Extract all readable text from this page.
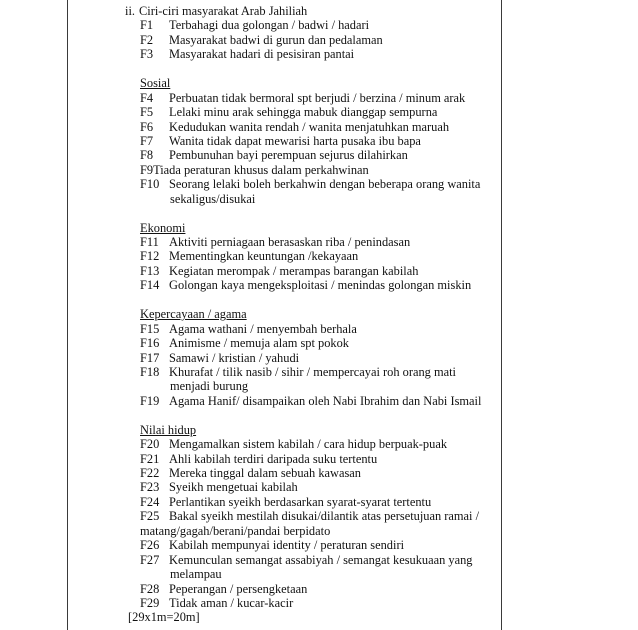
ii. Ciri-ciri masyarakat Arab Jahiliah
F1 Terbahagi dua golongan / badwi / hadari
F2 Masyarakat badwi di gurun dan pedalaman
F3 Masyarakat hadari di pesisiran pantai
Sosial
F4 Perbuatan tidak bermoral spt berjudi / berzina / minum arak
F5 Lelaki minu arak sehingga mabuk dianggap sempurna
F6 Kedudukan wanita rendah / wanita menjatuhkan maruah
F7 Wanita tidak dapat mewarisi harta pusaka ibu bapa
F8 Pembunuhan bayi perempuan sejurus dilahirkan
F9Tiada peraturan khusus dalam perkahwinan
F10 Seorang lelaki boleh berkahwin dengan beberapa orang wanita
sekaligus/disukai
Ekonomi
F11 Aktiviti perniagaan berasaskan riba / penindasan
F12 Mementingkan keuntungan /kekayaan
F13 Kegiatan merompak / merampas barangan kabilah
F14 Golongan kaya mengeksploitasi / menindas golongan miskin
Kepercayaan / agama
F15 Agama wathani / menyembah berhala
F16 Animisme / memuja alam spt pokok
F17 Samawi / kristian / yahudi
F18 Khurafat / tilik nasib / sihir / mempercayai roh orang mati
menjadi burung
F19 Agama Hanif/ disampaikan oleh Nabi Ibrahim dan Nabi Ismail
Nilai hidup
F20 Mengamalkan sistem kabilah / cara hidup berpuak-puak
F21 Ahli kabilah terdiri daripada suku tertentu
F22 Mereka tinggal dalam sebuah kawasan
F23 Syeikh mengetuai kabilah
F24 Perlantikan syeikh berdasarkan syarat-syarat tertentu
F25 Bakal syeikh mestilah disukai/dilantik atas persetujuan ramai /
matang/gagah/berani/pandai berpidato
F26 Kabilah mempunyai identity / peraturan sendiri
F27 Kemunculan semangat assabiyah / semangat kesukuaan yang
melampau
F28 Peperangan / persengketaan
F29 Tidak aman / kucar-kacir
[29x1m=20m]
